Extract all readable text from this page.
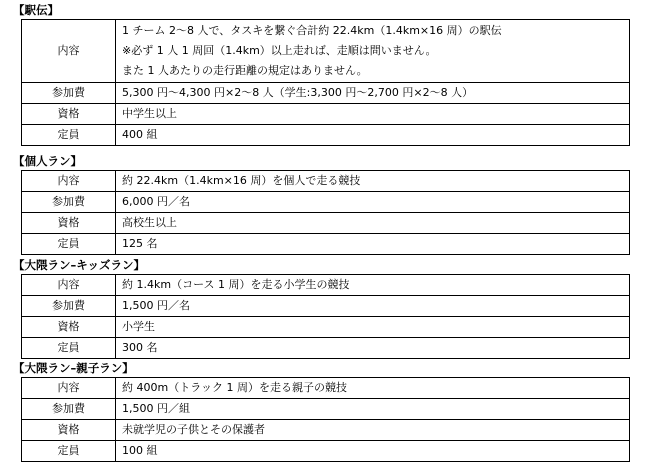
【駅伝】
内容	1 チーム 2～8 人で、タスキを繋ぐ合計約 22.4km（1.4km×16 周）の駅伝
※必ず 1 人 1 周回（1.4km）以上走れば、走順は問いません。
また 1 人あたりの走行距離の規定はありません。

参加費	5,300 円～4,300 円×2～8 人（学生:3,300 円～2,700 円×2～8 人）
資格	中学生以上
定員	400 組
【個人ラン】
内容	約 22.4km（1.4km×16 周）を個人で走る競技
参加費	6,000 円／名
資格	高校生以上
定員	125 名
【大隈ラン–キッズラン】
内容	約 1.4km（コース 1 周）を走る小学生の競技
参加費	1,500 円／名
資格	小学生
定員	300 名
【大隈ラン–親子ラン】
内容	約 400m（トラック 1 周）を走る親子の競技
参加費	1,500 円／組
資格	未就学児の子供とその保護者
定員	100 組
